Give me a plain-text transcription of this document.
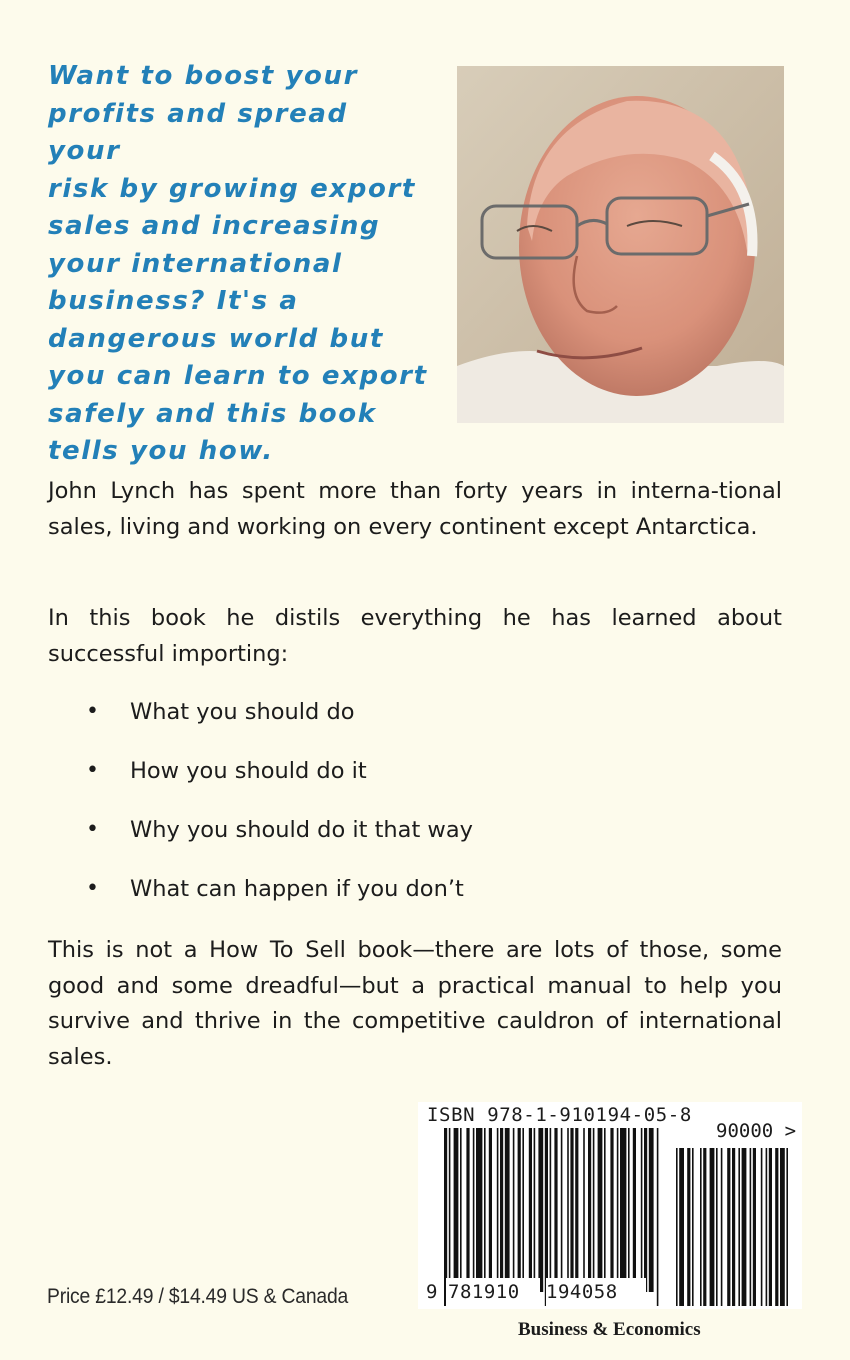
Want to boost your
profits and spread your
risk by growing export
sales and increasing
your international
business? It's a
dangerous world but
you can learn to export
safely and this book
tells you how.

John Lynch has spent more than forty years in interna-tional sales, living and working on every continent except Antarctica.

In this book he distils everything he has learned about successful importing:

• What you should do
• How you should do it
• Why you should do it that way
• What can happen if you don’t

This is not a How To Sell book—there are lots of those, some good and some dreadful—but a practical manual to help you survive and thrive in the competitive cauldron of international sales.

ISBN 978-1-910194-05-8
90000 >
9 781910 194058
Price £12.49 / $14.49 US & Canada
Business & Economics
